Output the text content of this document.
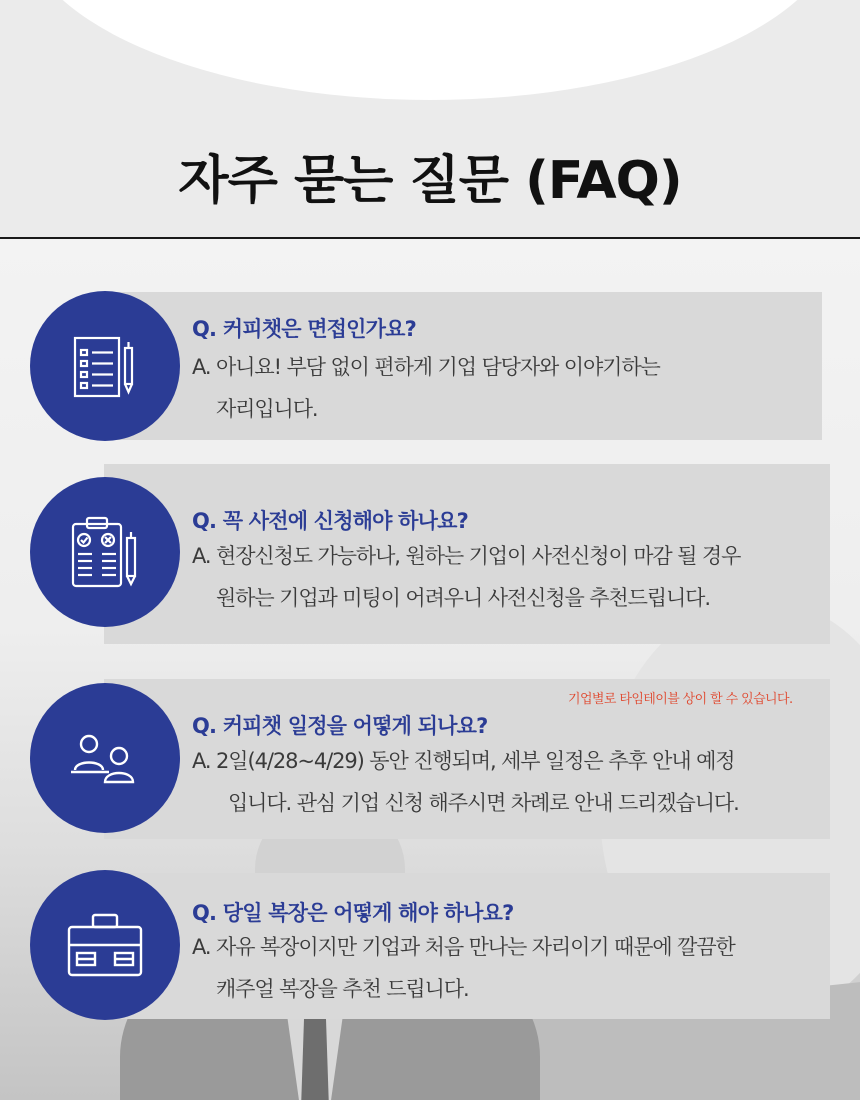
자주 묻는 질문 (FAQ)
Q. 커피챗은 면접인가요?
A. 아니요! 부담 없이 편하게 기업 담당자와 이야기하는
자리입니다.
Q. 꼭 사전에 신청해야 하나요?
A. 현장신청도 가능하나, 원하는 기업이 사전신청이 마감 될 경우
원하는 기업과 미팅이 어려우니 사전신청을 추천드립니다.
기업별로 타임테이블 상이 할 수 있습니다.
Q. 커피챗 일정을 어떻게 되나요?
A. 2일(4/28~4/29) 동안 진행되며, 세부 일정은 추후 안내 예정
입니다. 관심 기업 신청 해주시면 차례로 안내 드리겠습니다.
Q. 당일 복장은 어떻게 해야 하나요?
A. 자유 복장이지만 기업과 처음 만나는 자리이기 때문에 깔끔한
캐주얼 복장을 추천 드립니다.
